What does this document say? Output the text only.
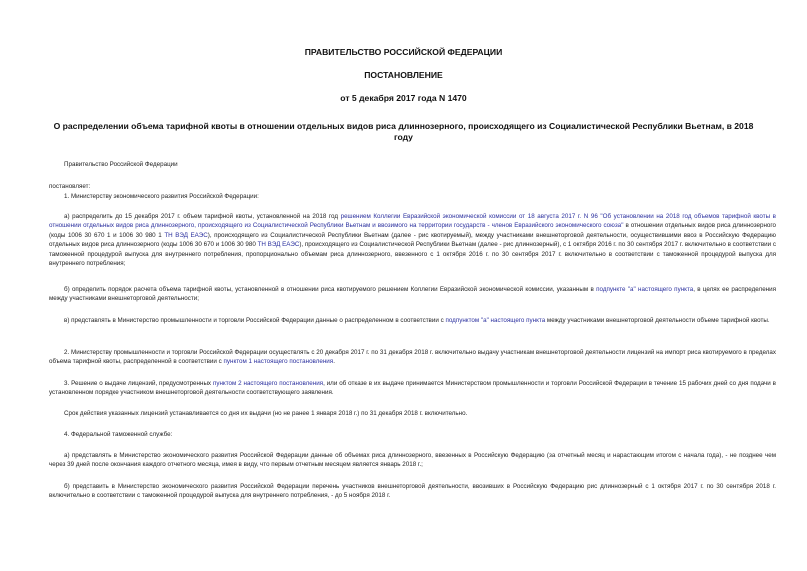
ПРАВИТЕЛЬСТВО РОССИЙСКОЙ ФЕДЕРАЦИИ
ПОСТАНОВЛЕНИЕ
от 5 декабря 2017 года N 1470
О распределении объема тарифной квоты в отношении отдельных видов риса длиннозерного, происходящего из Социалистической Республики Вьетнам, в 2018 году

Правительство Российской Федерации

постановляет:

1. Министерству экономического развития Российской Федерации:

а) распределить до 15 декабря 2017 г. объем тарифной квоты, установленной на 2018 год решением Коллегии Евразийской экономической комиссии от 18 августа 2017 г. N 96 "Об установлении на 2018 год объемов тарифной квоты в отношении отдельных видов риса длиннозерного, происходящего из Социалистической Республики Вьетнам и ввозимого на территории государств - членов Евразийского экономического союза" в отношении отдельных видов риса длиннозерного (коды 1006 30 670 1 и 1006 30 980 1 ТН ВЭД ЕАЭС), происходящего из Социалистической Республики Вьетнам (далее - рис квотируемый), между участниками внешнеторговой деятельности, осуществившими ввоз в Российскую Федерацию отдельных видов риса длиннозерного (коды 1006 30 670 и 1006 30 980 ТН ВЭД ЕАЭС), происходящего из Социалистической Республики Вьетнам (далее - рис длиннозерный), с 1 октября 2016 г. по 30 сентября 2017 г. включительно в соответствии с таможенной процедурой выпуска для внутреннего потребления, пропорционально объемам риса длиннозерного, ввезенного с 1 октября 2016 г. по 30 сентября 2017 г. включительно в соответствии с таможенной процедурой выпуска для внутреннего потребления;

б) определить порядок расчета объема тарифной квоты, установленной в отношении риса квотируемого решением Коллегии Евразийской экономической комиссии, указанным в подпункте "а" настоящего пункта, в целях ее распределения между участниками внешнеторговой деятельности;

в) представлять в Министерство промышленности и торговли Российской Федерации данные о распределенном в соответствии с подпунктом "а" настоящего пункта между участниками внешнеторговой деятельности объеме тарифной квоты.

2. Министерству промышленности и торговли Российской Федерации осуществлять с 20 декабря 2017 г. по 31 декабря 2018 г. включительно выдачу участникам внешнеторговой деятельности лицензий на импорт риса квотируемого в пределах объема тарифной квоты, распределенной в соответствии с пунктом 1 настоящего постановления.

3. Решение о выдаче лицензий, предусмотренных пунктом 2 настоящего постановления, или об отказе в их выдаче принимается Министерством промышленности и торговли Российской Федерации в течение 15 рабочих дней со дня подачи в установленном порядке участником внешнеторговой деятельности соответствующего заявления.

Срок действия указанных лицензий устанавливается со дня их выдачи (но не ранее 1 января 2018 г.) по 31 декабря 2018 г. включительно.

4. Федеральной таможенной службе:

а) представлять в Министерство экономического развития Российской Федерации данные об объемах риса длиннозерного, ввезенных в Российскую Федерацию (за отчетный месяц и нарастающим итогом с начала года), - не позднее чем через 39 дней после окончания каждого отчетного месяца, имея в виду, что первым отчетным месяцем является январь 2018 г.;

б) представить в Министерство экономического развития Российской Федерации перечень участников внешнеторговой деятельности, ввозивших в Российскую Федерацию рис длиннозерный с 1 октября 2017 г. по 30 сентября 2018 г. включительно в соответствии с таможенной процедурой выпуска для внутреннего потребления, - до 5 ноября 2018 г.
